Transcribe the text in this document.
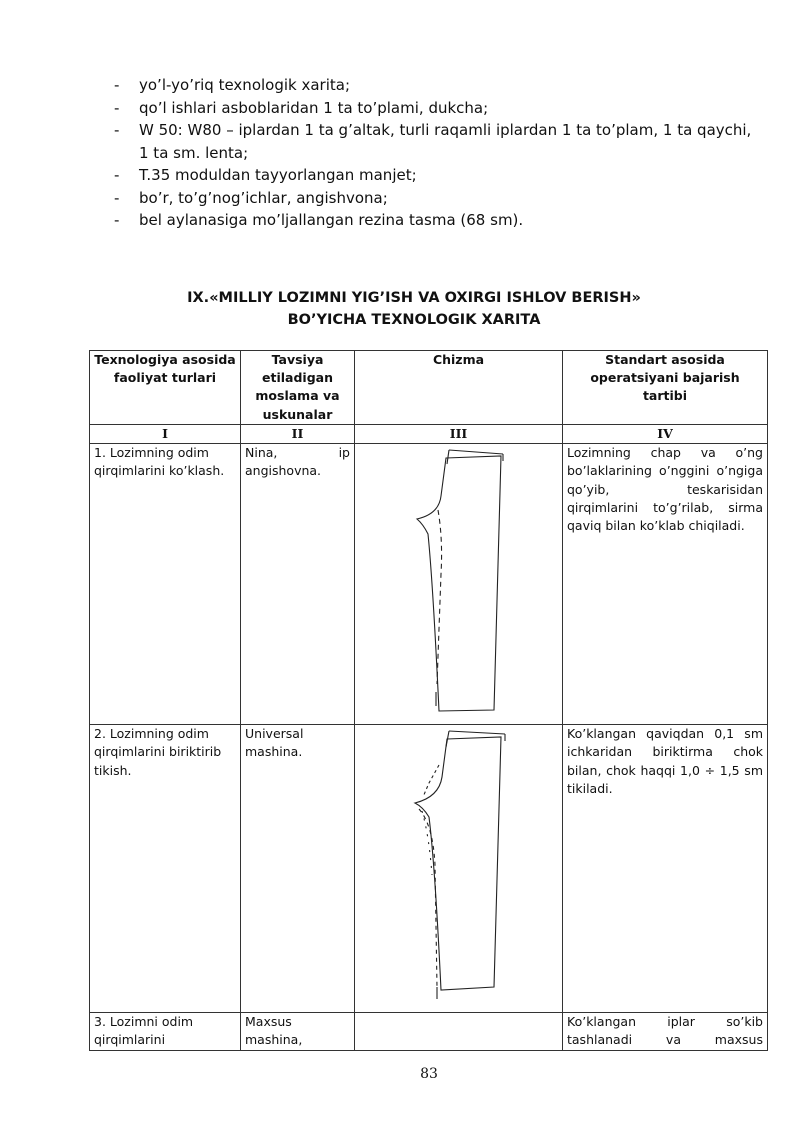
- yo’l-yo’riq texnologik xarita;
- qo’l ishlari asboblaridan 1 ta to’plami, dukcha;
- W 50: W80 – iplardan 1 ta g’altak, turli raqamli iplardan 1 ta to’plam, 1 ta qaychi, 1 ta sm. lenta;
- T.35 moduldan tayyorlangan manjet;
- bo’r, to’g’nog’ichlar, angishvona;
- bel aylanasiga mo’ljallangan rezina tasma (68 sm).
IX.«MILLIY LOZIMNI YIG’ISH VA OXIRGI ISHLOV BERISH»
BO’YICHA TEXNOLOGIK XARITA
Texnologiya asosida faoliyat turlari	Tavsiya etiladigan moslama va uskunalar	Chizma	Standart asosida operatsiyani bajarish tartibi
I	II	III	IV
1. Lozimning odim qirqimlarini ko’klash.	Nina, ip angishovna.		Lozimning chap va o’ng bo’laklarining o’nggini o’ngiga qo’yib, teskarisidan qirqimlarini to’g’rilab, sirma qaviq bilan ko’klab chiqiladi.
2. Lozimning odim qirqimlarini biriktirib tikish.	Universal mashina.		Ko’klangan qaviqdan 0,1 sm ichkaridan biriktirma chok bilan, chok haqqi 1,0 ÷ 1,5 sm tikiladi.

3. Lozimni odim qirqimlarini	Maxsus mashina,		Ko’klangan iplar so’kib tashlanadi va maxsus
83
